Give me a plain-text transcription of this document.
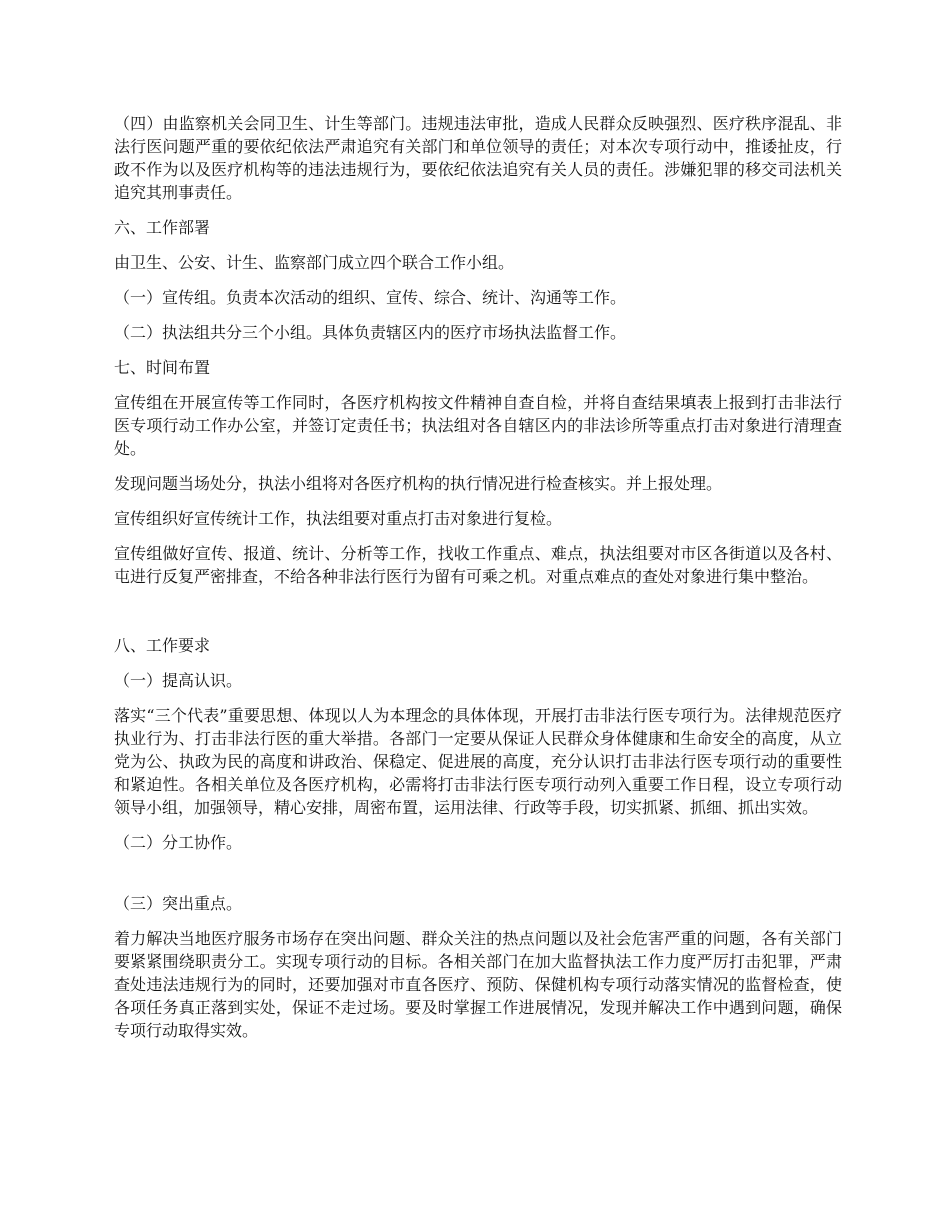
（四）由监察机关会同卫生、计生等部门。违规违法审批，造成人民群众反映强烈、医疗秩序混乱、非法行医问题严重的要依纪依法严肃追究有关部门和单位领导的责任；对本次专项行动中，推诿扯皮，行政不作为以及医疗机构等的违法违规行为，要依纪依法追究有关人员的责任。涉嫌犯罪的移交司法机关追究其刑事责任。

六、工作部署

由卫生、公安、计生、监察部门成立四个联合工作小组。

（一）宣传组。负责本次活动的组织、宣传、综合、统计、沟通等工作。

（二）执法组共分三个小组。具体负责辖区内的医疗市场执法监督工作。

七、时间布置

宣传组在开展宣传等工作同时，各医疗机构按文件精神自查自检，并将自查结果填表上报到打击非法行医专项行动工作办公室，并签订定责任书；执法组对各自辖区内的非法诊所等重点打击对象进行清理查处。

发现问题当场处分，执法小组将对各医疗机构的执行情况进行检查核实。并上报处理。

宣传组织好宣传统计工作，执法组要对重点打击对象进行复检。

宣传组做好宣传、报道、统计、分析等工作，找收工作重点、难点，执法组要对市区各街道以及各村、屯进行反复严密排查，不给各种非法行医行为留有可乘之机。对重点难点的查处对象进行集中整治。

八、工作要求

（一）提高认识。

落实“三个代表”重要思想、体现以人为本理念的具体体现，开展打击非法行医专项行为。法律规范医疗执业行为、打击非法行医的重大举措。各部门一定要从保证人民群众身体健康和生命安全的高度，从立党为公、执政为民的高度和讲政治、保稳定、促进展的高度，充分认识打击非法行医专项行动的重要性和紧迫性。各相关单位及各医疗机构，必需将打击非法行医专项行动列入重要工作日程，设立专项行动领导小组，加强领导，精心安排，周密布置，运用法律、行政等手段，切实抓紧、抓细、抓出实效。

（二）分工协作。

（三）突出重点。

着力解决当地医疗服务市场存在突出问题、群众关注的热点问题以及社会危害严重的问题，各有关部门要紧紧围绕职责分工。实现专项行动的目标。各相关部门在加大监督执法工作力度严厉打击犯罪，严肃查处违法违规行为的同时，还要加强对市直各医疗、预防、保健机构专项行动落实情况的监督检查，使各项任务真正落到实处，保证不走过场。要及时掌握工作进展情况，发现并解决工作中遇到问题，确保专项行动取得实效。
